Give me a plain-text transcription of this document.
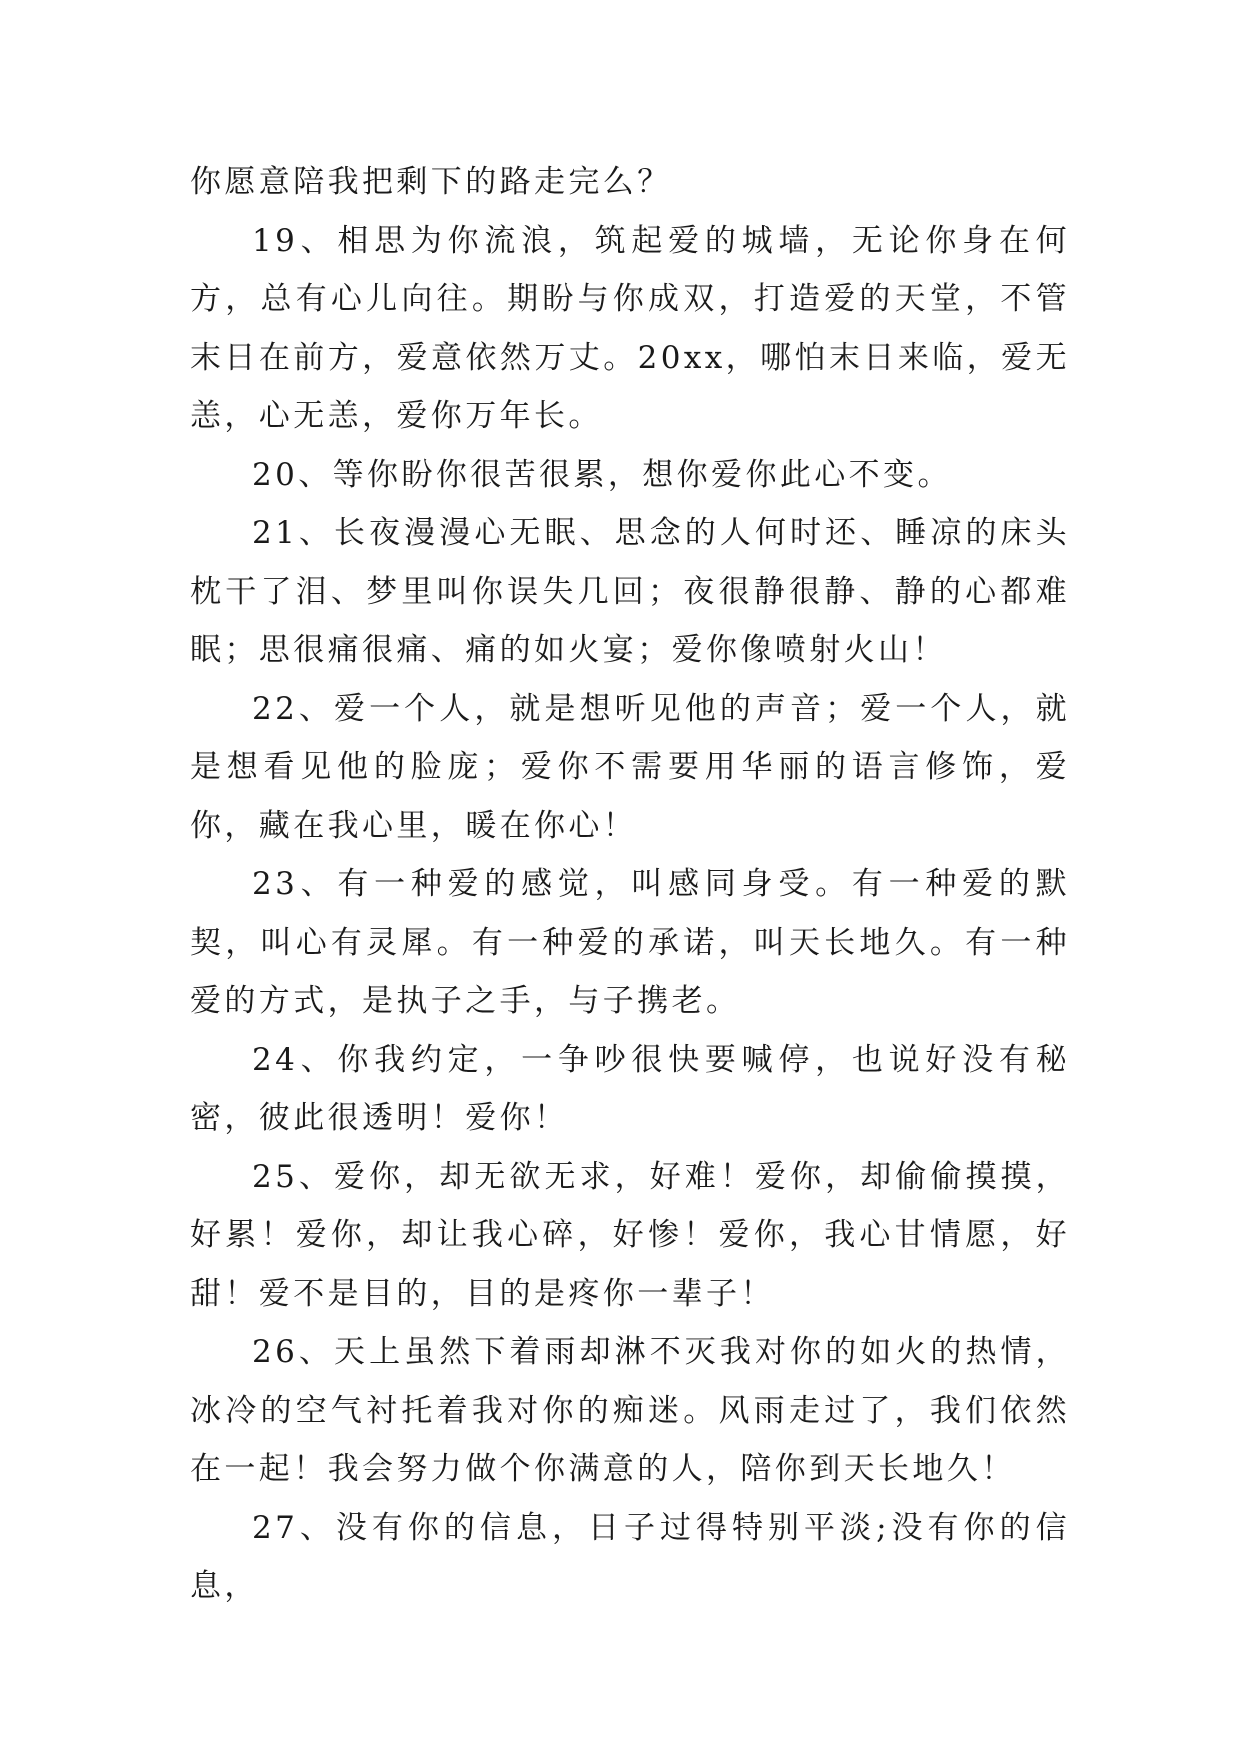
你愿意陪我把剩下的路走完么？

19、相思为你流浪，筑起爱的城墙，无论你身在何方，总有心儿向往。期盼与你成双，打造爱的天堂，不管末日在前方，爱意依然万丈。20xx，哪怕末日来临，爱无恙，心无恙，爱你万年长。

20、等你盼你很苦很累，想你爱你此心不变。

21、长夜漫漫心无眠、思念的人何时还、睡凉的床头枕干了泪、梦里叫你误失几回；夜很静很静、静的心都难眠；思很痛很痛、痛的如火宴；爱你像喷射火山！

22、爱一个人，就是想听见他的声音；爱一个人，就是想看见他的脸庞；爱你不需要用华丽的语言修饰，爱你，藏在我心里，暖在你心！

23、有一种爱的感觉，叫感同身受。有一种爱的默契，叫心有灵犀。有一种爱的承诺，叫天长地久。有一种爱的方式，是执子之手，与子携老。

24、你我约定，一争吵很快要喊停，也说好没有秘密，彼此很透明！爱你！

25、爱你，却无欲无求，好难！爱你，却偷偷摸摸，好累！爱你，却让我心碎，好惨！爱你，我心甘情愿，好甜！爱不是目的，目的是疼你一辈子！

26、天上虽然下着雨却淋不灭我对你的如火的热情，冰冷的空气衬托着我对你的痴迷。风雨走过了，我们依然在一起！我会努力做个你满意的人，陪你到天长地久！

27、没有你的信息，日子过得特别平淡;没有你的信息，
